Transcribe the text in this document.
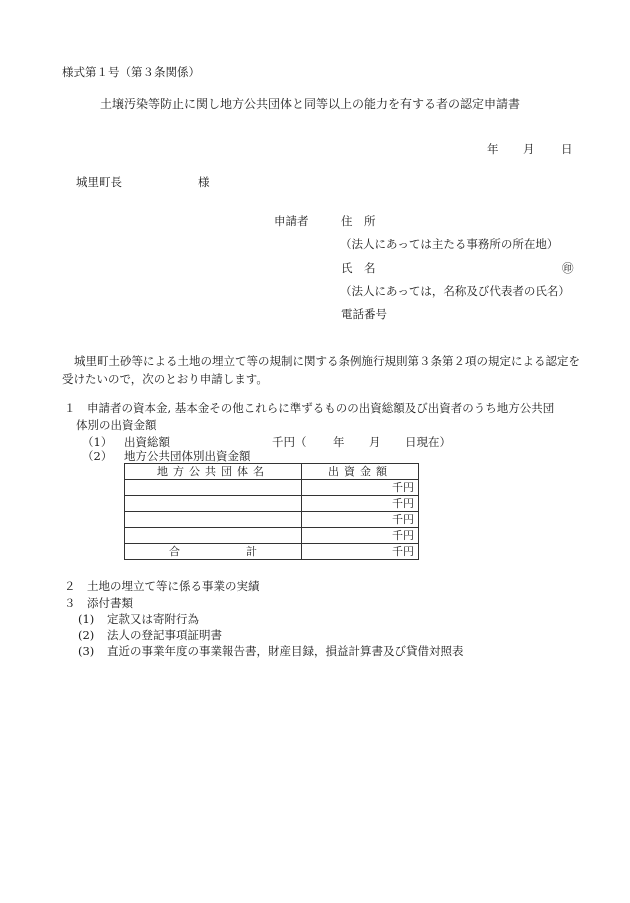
様式第１号（第３条関係）
土壌汚染等防止に関し地方公共団体と同等以上の能力を有する者の認定申請書
年 月 日
城里町長	様
申請者	住　所
（法人にあっては主たる事務所の所在地）
氏　名	㊞
（法人にあっては，名称及び代表者の氏名）
電話番号
城里町土砂等による土地の埋立て等の規制に関する条例施行規則第３条第２項の規定による認定を受けたいので，次のとおり申請します。
１　申請者の資本金, 基本金その他これらに準ずるものの出資総額及び出資者のうち地方公共団
体別の出資金額
（1） 出資総額	千円（ 年 月 日現在）
（2） 地方公共団体別出資金額
地方公共団体名	出資金額
	千円
	千円
	千円
	千円

合 計	千円
２　土地の埋立て等に係る事業の実績
３　添付書類
(1) 定款又は寄附行為
(2) 法人の登記事項証明書
(3) 直近の事業年度の事業報告書，財産目録，損益計算書及び貸借対照表
